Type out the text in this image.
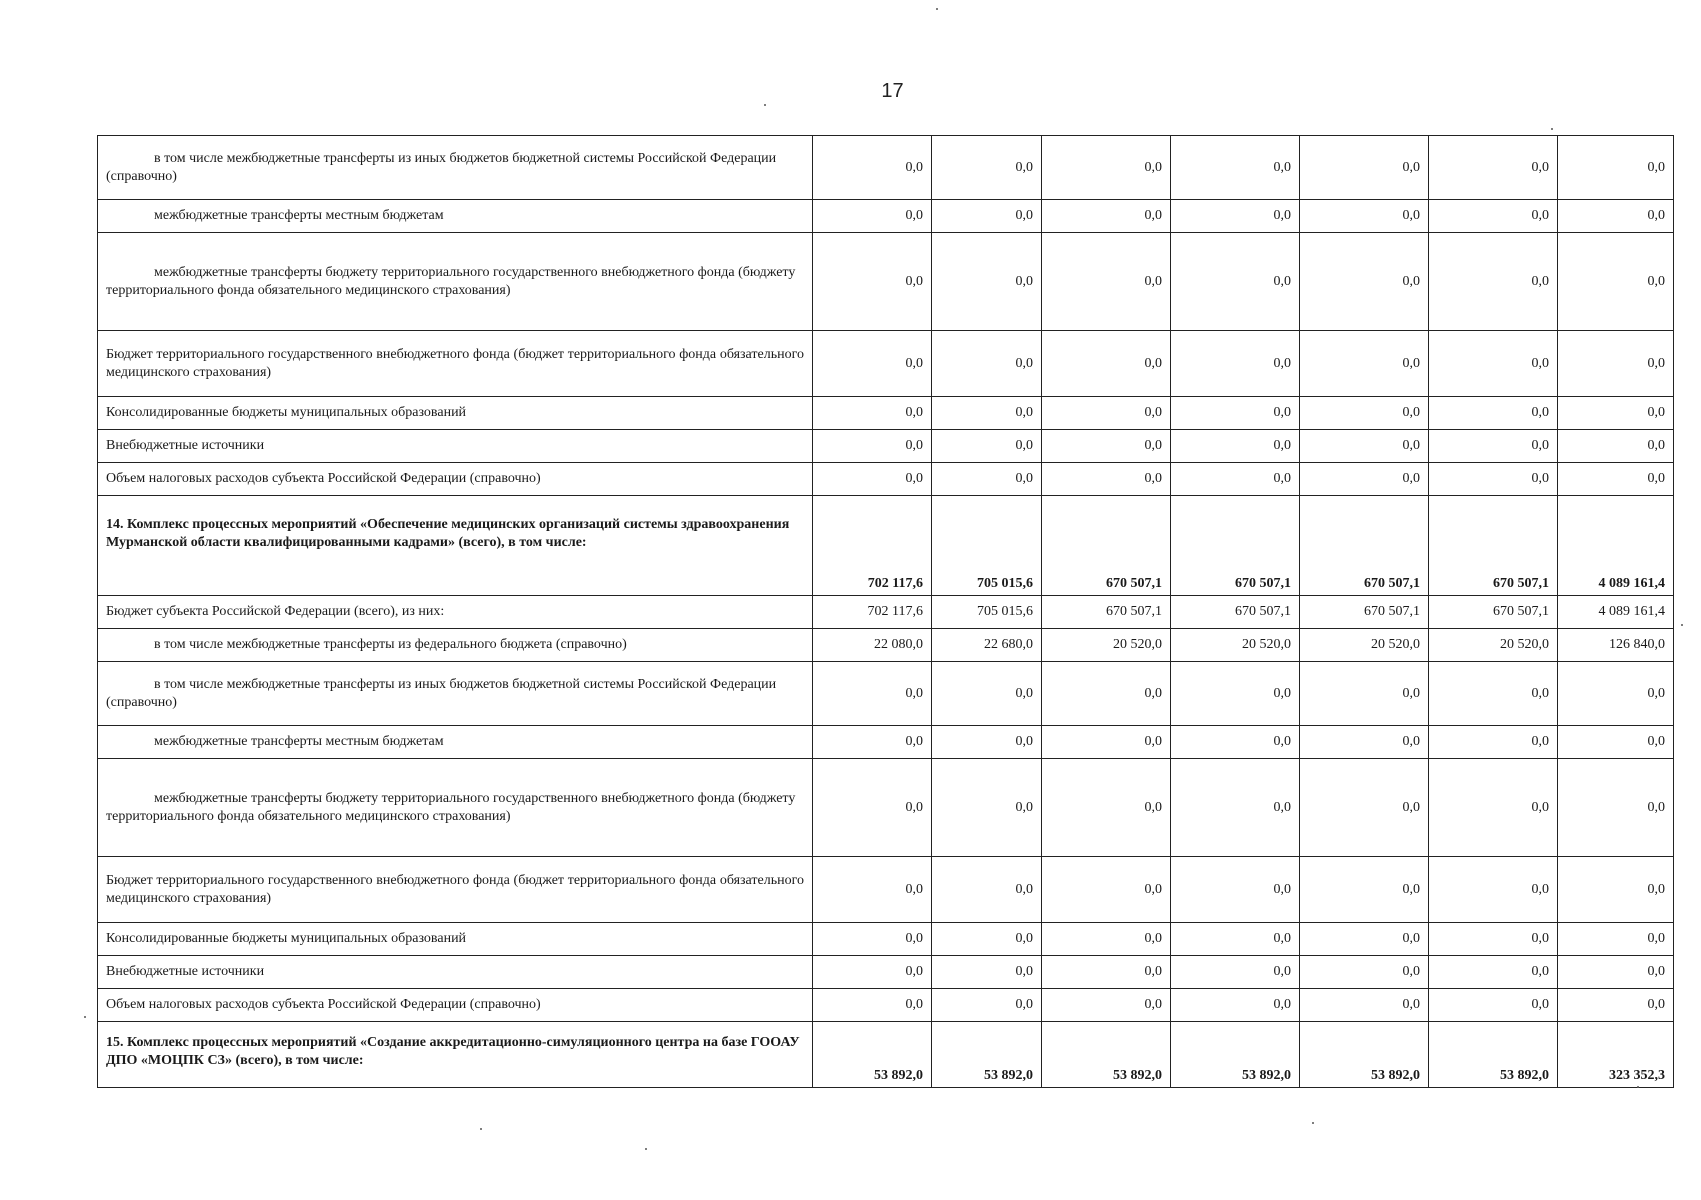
17
в том числе межбюджетные трансферты из иных бюджетов бюджетной системы Российской Федерации (справочно)	0,0	0,0	0,0	0,0	0,0	0,0	0,0
межбюджетные трансферты местным бюджетам	0,0	0,0	0,0	0,0	0,0	0,0	0,0
межбюджетные трансферты бюджету территориального государственного внебюджетного фонда (бюджету территориального фонда обязательного медицинского страхования)	0,0	0,0	0,0	0,0	0,0	0,0	0,0
Бюджет территориального государственного внебюджетного фонда (бюджет территориального фонда обязательного медицинского страхования)	0,0	0,0	0,0	0,0	0,0	0,0	0,0
Консолидированные бюджеты муниципальных образований	0,0	0,0	0,0	0,0	0,0	0,0	0,0
Внебюджетные источники	0,0	0,0	0,0	0,0	0,0	0,0	0,0
Объем налоговых расходов субъекта Российской Федерации (справочно)	0,0	0,0	0,0	0,0	0,0	0,0	0,0
14. Комплекс процессных мероприятий «Обеспечение медицинских организаций системы здравоохранения Мурманской области квалифицированными кадрами» (всего), в том числе:	702 117,6	705 015,6	670 507,1	670 507,1	670 507,1	670 507,1	4 089 161,4
Бюджет субъекта Российской Федерации (всего), из них:	702 117,6	705 015,6	670 507,1	670 507,1	670 507,1	670 507,1	4 089 161,4
в том числе межбюджетные трансферты из федерального бюджета (справочно)	22 080,0	22 680,0	20 520,0	20 520,0	20 520,0	20 520,0	126 840,0
в том числе межбюджетные трансферты из иных бюджетов бюджетной системы Российской Федерации (справочно)	0,0	0,0	0,0	0,0	0,0	0,0	0,0
межбюджетные трансферты местным бюджетам	0,0	0,0	0,0	0,0	0,0	0,0	0,0
межбюджетные трансферты бюджету территориального государственного внебюджетного фонда (бюджету территориального фонда обязательного медицинского страхования)	0,0	0,0	0,0	0,0	0,0	0,0	0,0
Бюджет территориального государственного внебюджетного фонда (бюджет территориального фонда обязательного медицинского страхования)	0,0	0,0	0,0	0,0	0,0	0,0	0,0
Консолидированные бюджеты муниципальных образований	0,0	0,0	0,0	0,0	0,0	0,0	0,0
Внебюджетные источники	0,0	0,0	0,0	0,0	0,0	0,0	0,0
Объем налоговых расходов субъекта Российской Федерации (справочно)	0,0	0,0	0,0	0,0	0,0	0,0	0,0
15. Комплекс процессных мероприятий «Создание аккредитационно-симуляционного центра на базе ГООАУ ДПО «МОЦПК СЗ» (всего), в том числе:	53 892,0	53 892,0	53 892,0	53 892,0	53 892,0	53 892,0	323 352,3
